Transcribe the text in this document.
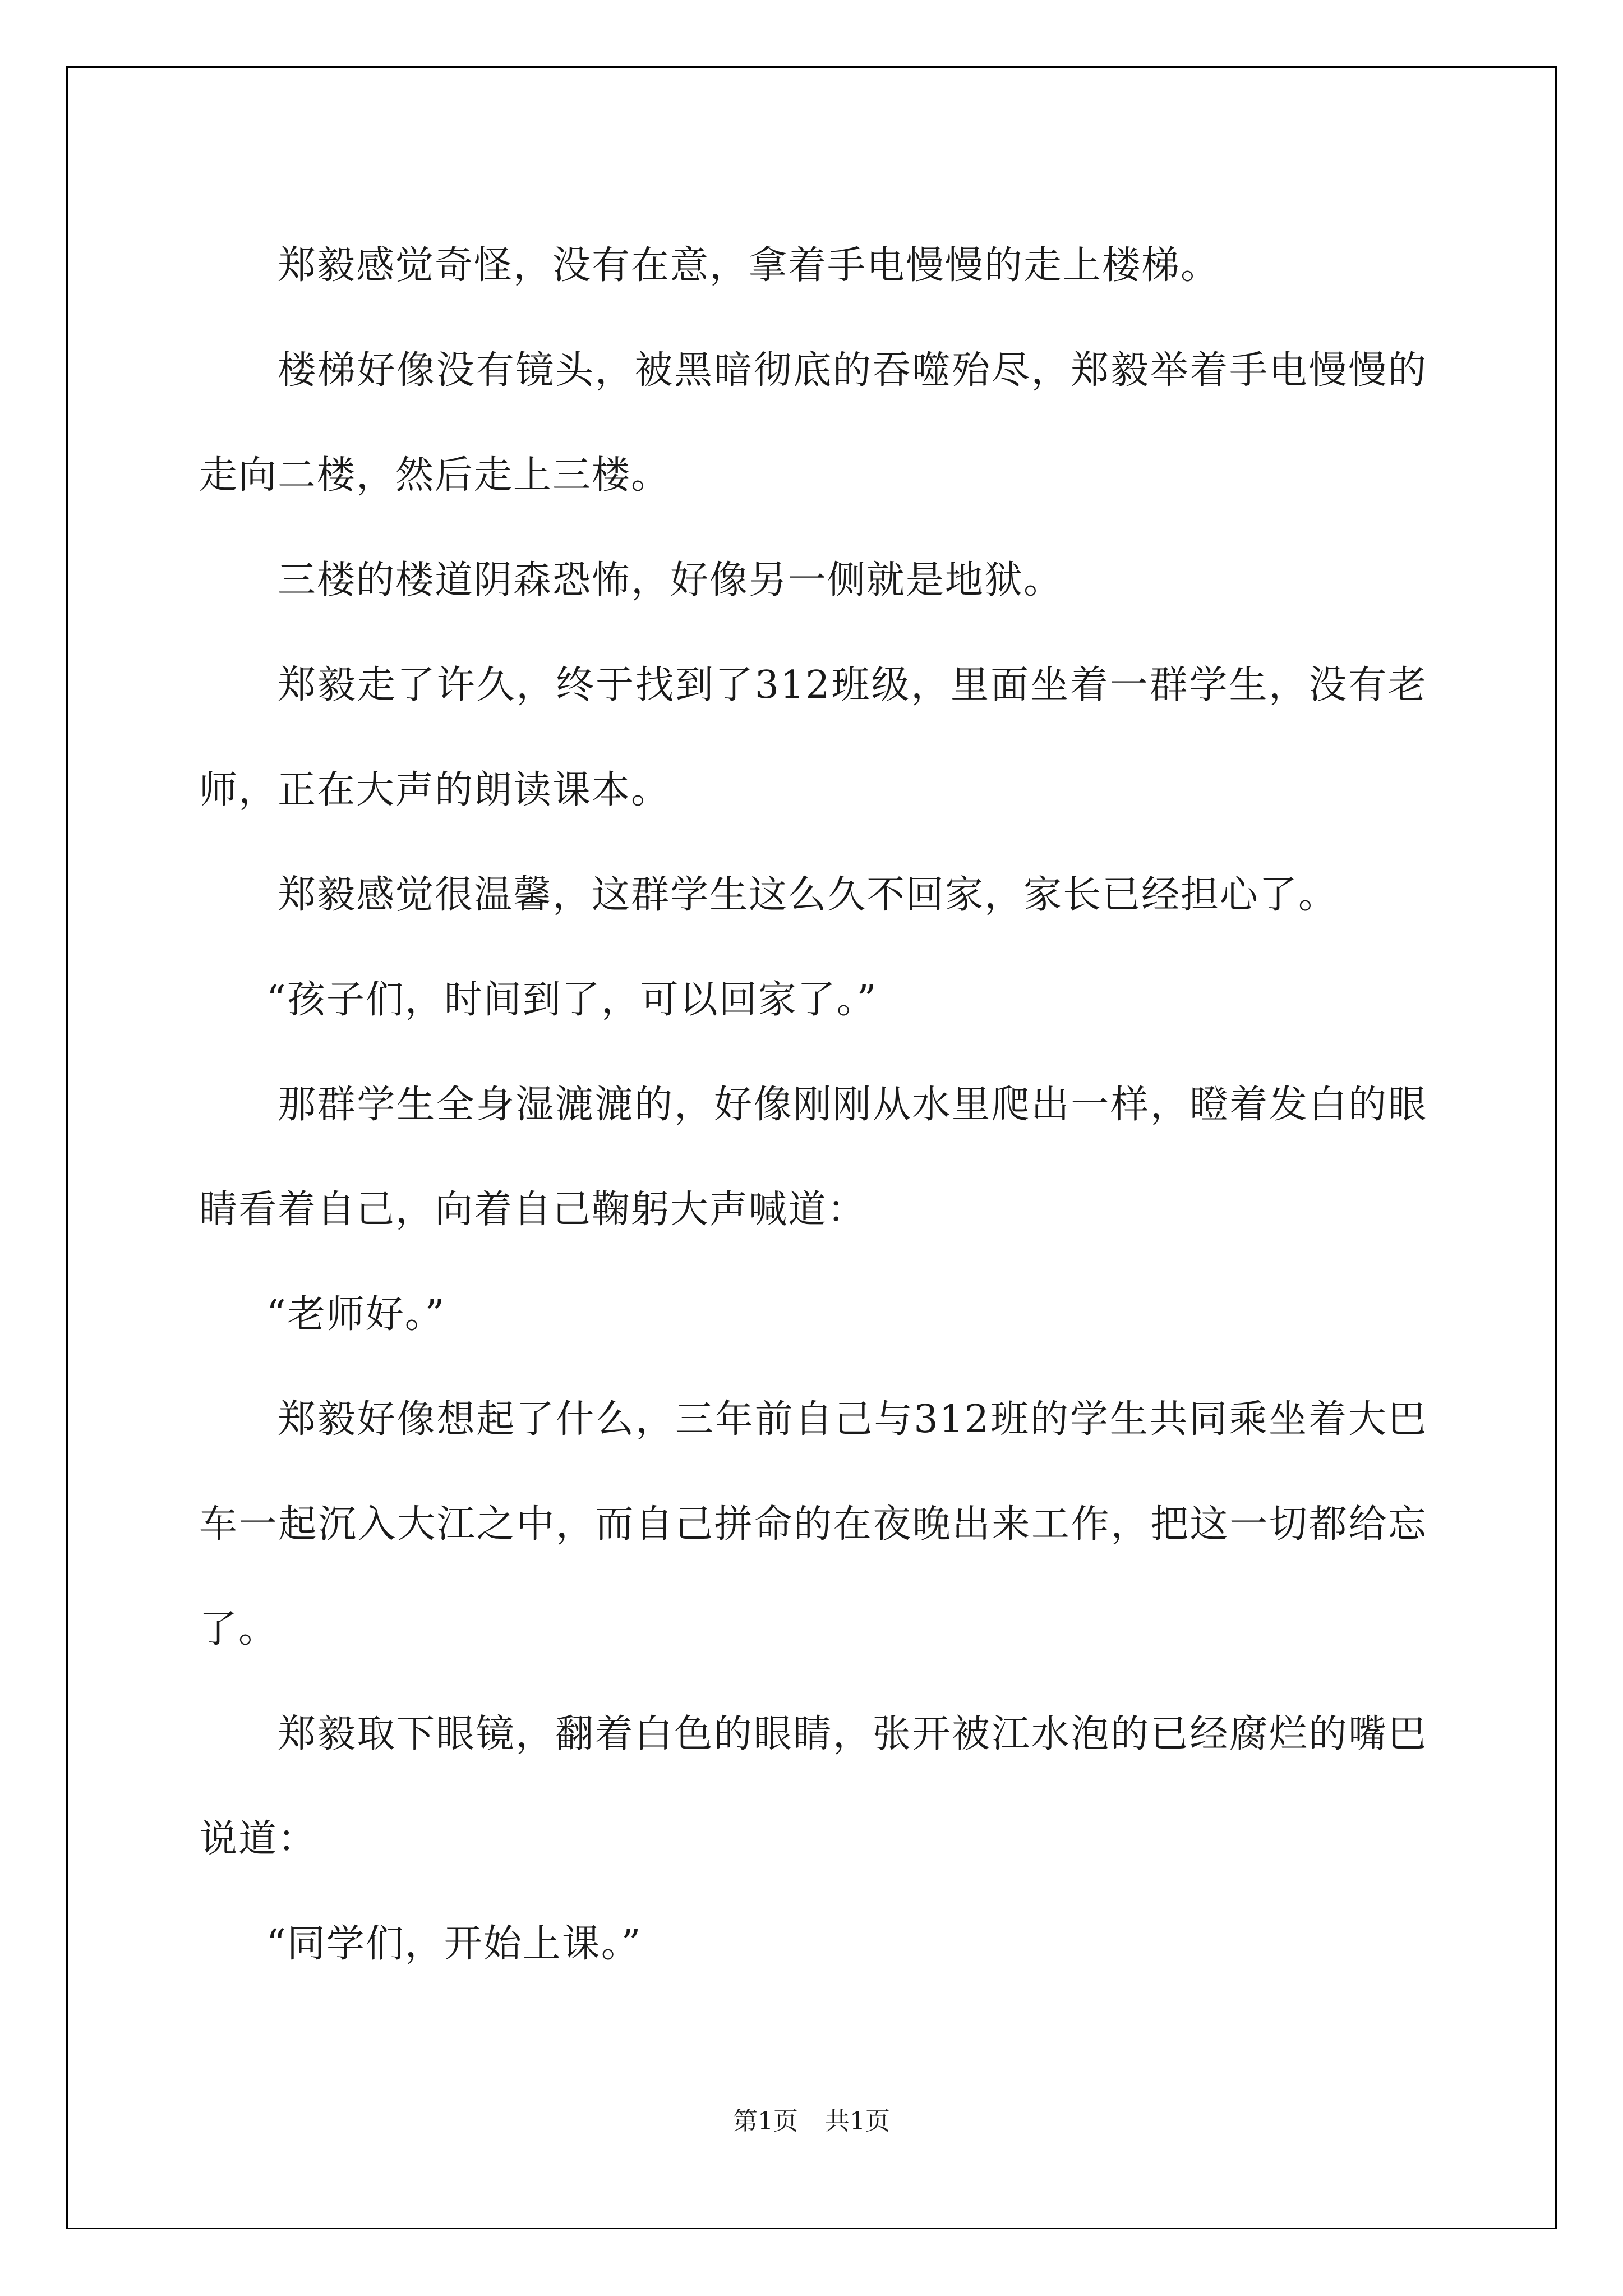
郑毅感觉奇怪，没有在意，拿着手电慢慢的走上楼梯。

楼梯好像没有镜头，被黑暗彻底的吞噬殆尽，郑毅举着手电慢慢的走向二楼，然后走上三楼。

三楼的楼道阴森恐怖，好像另一侧就是地狱。

郑毅走了许久，终于找到了312班级，里面坐着一群学生，没有老师，正在大声的朗读课本。

郑毅感觉很温馨，这群学生这么久不回家，家长已经担心了。

“孩子们，时间到了，可以回家了。”

那群学生全身湿漉漉的，好像刚刚从水里爬出一样，瞪着发白的眼睛看着自己，向着自己鞠躬大声喊道：

“老师好。”

郑毅好像想起了什么，三年前自己与312班的学生共同乘坐着大巴车一起沉入大江之中，而自己拼命的在夜晚出来工作，把这一切都给忘了。

郑毅取下眼镜，翻着白色的眼睛，张开被江水泡的已经腐烂的嘴巴说道：

“同学们，开始上课。”

第1页 共1页
